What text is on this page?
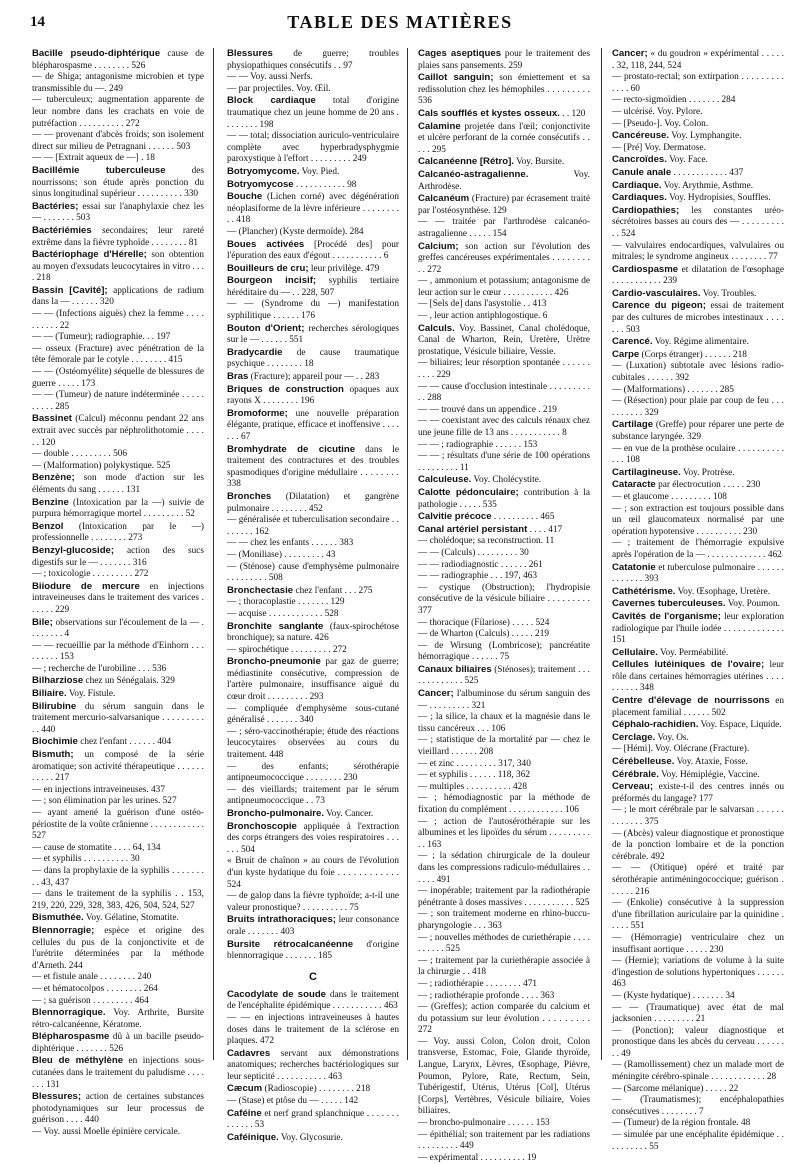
14	TABLE DES MATIÈRES

Bacille pseudo-diphtérique cause de blépharospasme . . . . . . . . 526

— de Shiga; antagonisme microbien et type transmissible du —. 249

— tuberculeux; augmentation apparente de leur nombre dans les crachats en voie de putréfaction . . . . . . . . . . 272

— — provenant d'abcès froids; son isolement direct sur milieu de Petragnani . . . . . . 503

— — [Extrait aqueux de —] . 18

Bacillémie tuberculeuse	des nourrissons; son étude après ponction du sinus longitudinal supérieur . . . . . . . . . . 330

Bactéries; essai sur l'anaphylaxie chez les — . . . . . . . 503

Bactériémies secondaires; leur rareté extrême dans la fièvre typhoïde . . . . . . . . 81

Bactériophage d'Hérelle; son obtention au moyen d'exsudats leucocytaires in vitro . . . . 218

Bassin [Cavité]; applications de radium dans la — . . . . . . 320

— — (Infections aiguës) chez la femme . . . . . . . . . . 22

— — (Tumeur); radiographie. . . 197

— osseux (Fracture) avec pénétration de la tête fémorale par le cotyle . . . . . . . . 415

— — (Ostéomyélite) séquelle de blessures de guerre . . . . . 173

— — (Tumeur) de nature indéterminée . . . . . . . . . . 285

Bassinet (Calcul) méconnu pendant 22 ans extrait avec succès par néphrolithotomie . . . . . . 120

— double . . . . . . . . . 506

— (Malformation) polykystique. 525

Benzène; son mode d'action sur les éléments du sang . . . . . . 131

Benzine (Intoxication par la —) suivie de purpura hémorragique mortel . . . . . . . . . 52

Benzol (Intoxication par le —) professionnelle . . . . . . . . 273

Benzyl-glucoside; action des sucs digestifs sur le — . . . . . . . 316

— ; toxicologie . . . . . . . . . 272

Biiodure de mercure en injections intraveineuses dans le traitement des varices . . . . . . 229

Bile; observations sur l'écoulement de la — . . . . . . . . 4

— — recueillie par la méthode d'Einhorn . . . . . . . . . 153

— ; recherche de l'urobiline . . . 536

Bilharziose chez un Sénégalais. 329

Biliaire. Voy. Fistule.

Bilirubine du sérum sanguin dans le traitement mercurio-salvarsanique . . . . . . . . . . . 440

Biochimie chez l'enfant . . . . . . 404

Bismuth; un composé de la série aromatique; son activité thérapeutique . . . . . . . . . . . 217

— en injections intraveineuses. 437

— ; son élimination par les urines. 527

— ayant amené la guérison d'une ostéo-périostite de la voûte crânienne . . . . . . . . . . . . 527

— cause de stomatite . . . . 64, 134

— et syphilis . . . . . . . . . . 30

— dans la prophylaxie de la syphilis . . . . . . . . . 43, 437

— dans le traitement de la syphilis . . 153, 219, 220, 229, 328, 383, 426, 504, 524, 527

Bismuthée. Voy. Gélatine, Stomatite.

Blennorragie; espèce et origine des cellules du pus de la conjonctivite et de l'urétrite déterminées par la méthode d'Arneth. 244

— et fistule anale . . . . . . . . 240

— et hématocolpos . . . . . . . . 264

— ; sa guérison . . . . . . . . . 464

Blennorragique. Voy. Arthrite, Bursite rétro-calcanéenne, Kératome.

Blépharospasme dû à un bacille pseudo-diphtérique . . . . . . . 526

Bleu de méthylène en injections sous-cutanées dans le traitement du paludisme . . . . . . . 131

Blessures; action de certaines substances photodynamiques sur leur processus de guérison . . . . 440

— Voy. aussi Moelle épinière cervicale.

Blessures de guerre; troubles physiopathiques consécutifs . . 97

— — Voy. aussi Nerfs.

— par projectiles. Voy. Œil.

Block cardiaque total d'origine traumatique chez un jeune homme de 20 ans . . . . . . . . 198

— — total; dissociation auriculo-ventriculaire complète avec hyperbradysphygmie paroxystique à l'effort . . . . . . . . . 249

Botryomycome. Voy. Pied.

Botryomycose . . . . . . . . . . . 98

Bouche (Lichen corné) avec dégénération néoplasiforme de la lèvre inférieure . . . . . . . . . . 418

— (Plancher) (Kyste dermoïde). 284

Boues activées [Procédé des] pour l'épuration des eaux d'égout . . . . . . . . . . . 6

Bouilleurs de cru; leur privilège. 479

Bourgeon incisif; syphilis tertiaire héréditaire du — . . 228, 507

— — (Syndrome du —) manifestation syphilitique . . . . . . 176

Bouton d'Orient; recherches sérologiques sur le — . . . . . . 551

Bradycardie de cause traumatique psychique . . . . . . . . 18

Bras (Fracture); appareil pour — . . 283

Briques de construction opaques aux rayons X . . . . . . . . 196

Bromoforme; une nouvelle préparation élégante, pratique, efficace et inoffensive . . . . . . . 67

Bromhydrate de cicutine dans le traitement des contractures et des troubles spasmodiques d'origine médullaire . . . . . . . . 338

Bronches (Dilatation) et gangrène pulmonaire . . . . . . . . 452

— généralisée et tuberculisation secondaire . . . . . . . . 162

— — chez les enfants . . . . . . 383

— (Moniliase) . . . . . . . . . 43

— (Sténose) cause d'emphysème pulmonaire . . . . . . . . . 508

Bronchectasie chez l'enfant . . . 275

— ; thoracoplastie . . . . . . . 129

— acquise . . . . . . . . . . . . 528

Bronchite sanglante (faux-spirochétose bronchique); sa nature. 426

— spirochétique . . . . . . . . . 272

Broncho-pneumonie par gaz de guerre; médiastinite consécutive, compression de l'artère pulmonaire, insuffisance aiguë du cœur droit . . . . . . . . . 293

— compliquée d'emphysème sous-cutané généralisé . . . . . . . 340

— ; séro-vaccinothérapie; étude des réactions leucocytaires observées au cours du traitement. 448

— des enfants; sérothérapie antipneumococcique . . . . . . . . 230

— des vieillards; traitement par le sérum antipneumococcique . . 73

Broncho-pulmonaire. Voy. Cancer.

Bronchoscopie appliquée à l'extraction des corps étrangers des voies respiratoires . . . . . . 504

« Bruit de chaînon » au cours de l'évolution d'un kyste hydatique du foie . . . . . . . . . . . . 524

— de galop dans la fièvre typhoïde; a-t-il une valeur pronostique? . . . . . . . . . . 75

Bruits intrathoraciques; leur consonance orale . . . . . . . 403

Bursite rétrocalcanéenne d'origine blennorragique . . . . . . . 185

C

Cacodylate de soude dans le traitement de l'encéphalite épidémique . . . . . . . . . . . 463

— — en injections intraveineuses à hautes doses dans le traitement de la sclérose en plaques. 472

Cadavres servant aux démonstrations anatomiques; recherches bactériologiques sur leur septicité . . . . . . . . . . . 463

Cæcum (Radioscopie) . . . . . . . . 218

— (Stase) et ptôse du — . . . . . 142

Caféine et nerf grand splanchnique . . . . . . . . . . . . . 53

Caféinique. Voy. Glycosurie.

Cages aseptiques pour le traitement des plaies sans pansements. 259

Caillot sanguin; son émiettement et sa redissolution chez les hémophiles . . . . . . . . . 536

Cals soufflés et kystes osseux. . . 120

Calamine projetée dans l'œil; conjonctivite et ulcère perforant de la cornée consécutifs . . . . . 295

Calcanéenne [Rétro]. Voy. Bursite.

Calcanéo-astragalienne.	Voy. Arthrodèse.

Calcanéum (Fracture) par écrasement traité par l'ostéosynthèse. 129

— — traitée par l'arthrodèse calcanéo-astragalienne . . . . . 154

Calcium; son action sur l'évolution des greffes cancéreuses expérimentales . . . . . . . . . . 272

— , ammonium et potassium; antagonisme de leur action sur le cœur . . . . . . . . . . . 426

— [Sels de] dans l'asystolie . . 413

— , leur action antiphlogostique. 6

Calculs. Voy. Bassinet, Canal cholédoque, Canal de Wharton, Rein, Uretère, Urètre prostatique, Vésicule biliaire, Vessie.

— biliaires; leur résorption spontanée . . . . . . . . . . 229

— — cause d'occlusion intestinale . . . . . . . . . . . 288

— — trouvé dans un appendice . 219

— — coexistant avec des calculs rénaux chez une jeune fille de 13 ans . . . . . . . . . . . 8

— — ; radiographie . . . . . . 153

— — ; résultats d'une série de 100 opérations . . . . . . . . . 11

Calculeuse. Voy. Cholécystite.

Calotte pédonculaire; contribution à la pathologie . . . . . 535

Calvitie précoce . . . . . . . . . . 465

Canal artériel persistant . . . . 417

— cholédoque; sa reconstruction. 11

— — (Calculs) . . . . . . . . . 30

— — radiodiagnostic . . . . . . 261

— — radiographie . . . 197, 463

— cystique (Obstruction); l'hydropisie consécutive de la vésicule biliaire . . . . . . . . . 377

— thoracique (Filariose) . . . . . 524

— de Wharton (Calculs) . . . . . 219

— de Wirsung (Lombricose); pancréatite hémorragique . . . . . . 75

Canaux biliaires (Sténoses); traitement . . . . . . . . . . . . . 525

Cancer; l'albuminose du sérum sanguin des — . . . . . . . . . 321

— ; la silice, la chaux et la magnésie dans le tissu cancéreux . . . 106

— ; statistique de la mortalité par — chez le vieillard . . . . . . 208

— et zinc . . . . . . . . . 317, 340

— et syphilis . . . . . . 118, 362

— multiples . . . . . . . . . . 428

— ; hémodiagnostic par la méthode de fixation du complément . . . . . . . . . . . . 106

— ; action de l'autosérothérapie sur les albumines et les lipoïdes du sérum . . . . . . . . . . . 163

— ; la sédation chirurgicale de la douleur dans les compressions radiculo-médullaires . . . . . . 491

— inopérable; traitement par la radiothérapie pénétrante à doses massives . . . . . . . . . . . 525

— ; son traitement moderne en rhino-buccu-pharyngologie . . . 363

— ; nouvelles méthodes de curiethérapie . . . . . . . . . . 525

— ; traitement par la curiethérapie associée à la chirurgie . . 418

— ; radiothérapie . . . . . . . . 471

— ; radiothérapie profonde . . . . 363

— (Greffes); action comparée du calcium et du potassium sur leur évolution . . . . . . . . . 272

— Voy. aussi Colon, Colon droit, Colon transverse, Estomac, Foie, Glande thyroïde, Langue, Larynx, Lèvres, Œsophage, Pièvre, Poumon, Pylore, Rate, Rectum, Sein, Tubérigestif, Utérus, Utérus [Col], Utérus [Corps], Vertèbres, Vésicule biliaire, Voies biliaires.

— broncho-pulmonaire . . . . . . 153

— épithélial; son traitement par les radiations . . . . . . . . . 449

— expérimental . . . . . . . . . . 19

Cancer; « du goudron » expérimental . . . . . . 32, 118, 244, 524

— prostato-rectal; son extirpation . . . . . . . . . . . . . 60

— recto-sigmoïdien . . . . . . . 284

— ulcérisé. Voy. Pylore.

— [Pseudo-]. Voy. Colon.

Cancéreuse. Voy. Lymphangite.

— [Pré] Voy. Dermatose.

Cancroïdes. Voy. Face.

Canule anale . . . . . . . . . . . . 437

Cardiaque. Voy. Arythmie, Asthme.

Cardiaques. Voy. Hydropisies, Souffles.

Cardiopathies; les constantes uréo-sécrétoires basses au cours des — . . . . . . . . . . . 524

— valvulaires endocardiques, valvulaires ou mitrales; le syndrome angineux . . . . . . . . 77

Cardiospasme et dilatation de l'œsophage . . . . . . . . . . . 239

Cardio-vasculaires. Voy. Troubles.

Carence du pigeon; essai de traitement par des cultures de microbes intestinaux . . . . . . . 503

Carencé. Voy. Régime alimentaire.

Carpe (Corps étranger) . . . . . . 218

— (Luxation) subtotale avec lésions radio-cubitales . . . . . . 392

— (Malformations) . . . . . . . 285

— (Résection) pour plaie par coup de feu . . . . . . . . . . 329

Cartilage (Greffe) pour réparer une perte de substance laryngée. 329

— en vue de la prothèse oculaire . . . . . . . . . . . . . 108

Cartilagineuse. Voy. Protrèse.

Cataracte par électrocution . . . . . 230

— et glaucome . . . . . . . . . 108

— ; son extraction est toujours possible dans un œil glaucomateux normalisé par une opération hypotensive . . . . . . . . . . 230

— ; traitement de l'hémorragie expulsive après l'opération de la — . . . . . . . . . . . . . 462

Catatonie et tuberculose pulmonaire . . . . . . . . . . . . . 393

Cathétérisme. Voy. Œsophage, Uretère.

Cavernes tuberculeuses. Voy. Poumon.

Cavités de l'organisme; leur exploration radiologique par l'huile iodée . . . . . . . . . . . . . 151

Cellulaire. Voy. Perméabilité.

Cellules lutéiniques de l'ovaire; leur rôle dans certaines hémorragies utérines . . . . . . . . . . 348

Centre d'élevage de nourrissons en placement familial . . . . . . 502

Céphalo-rachidien. Voy. Espace, Liquide.

Cerclage. Voy. Os.

— [Hémi]. Voy. Olécrane (Fracture).

Cérébelleuse. Voy. Ataxie, Fosse.

Cérébrale. Voy. Hémiplégie, Vaccine.

Cerveau; existe-t-il des centres innés ou préformés du langage? 177

— ; le mort cérébrale par le salvarsan . . . . . . . . . . . . . 375

— (Abcès) valeur diagnostique et pronostique de la ponction lombaire et de la ponction cérébrale. 492

— — (Otitique) opéré et traité par sérothérapie antiméningococcique; guérison . . . . . . 216

— (Enkolie) consécutive à la suppression d'une fibrillation auriculaire par la quinidine . . . . . 551

— (Hémorragie) ventriculaire chez un insuffisant aortique . . . . . 230

— (Hernie); variations de volume à la suite d'ingestion de solutions hypertoniques . . . . . . 463

— (Kyste hydatique) . . . . . . . 34

— — (Traumatique) avec état de mal jacksonien . . . . . . . . . 21

— (Ponction); valeur diagnostique et pronostique dans les abcès du cerveau . . . . . . . . 49

— (Ramollissement) chez un malade mort de méningite cérébro-spinale . . . . . . . . . . . . 28

— (Sarcome mélanique) . . . . . 22

— (Traumatismes); encéphalopathies consécutives . . . . . . . . 7

— (Tumeur) de la région frontale. 48

— simulée par une encéphalite épidémique . . . . . . . . . . 55
